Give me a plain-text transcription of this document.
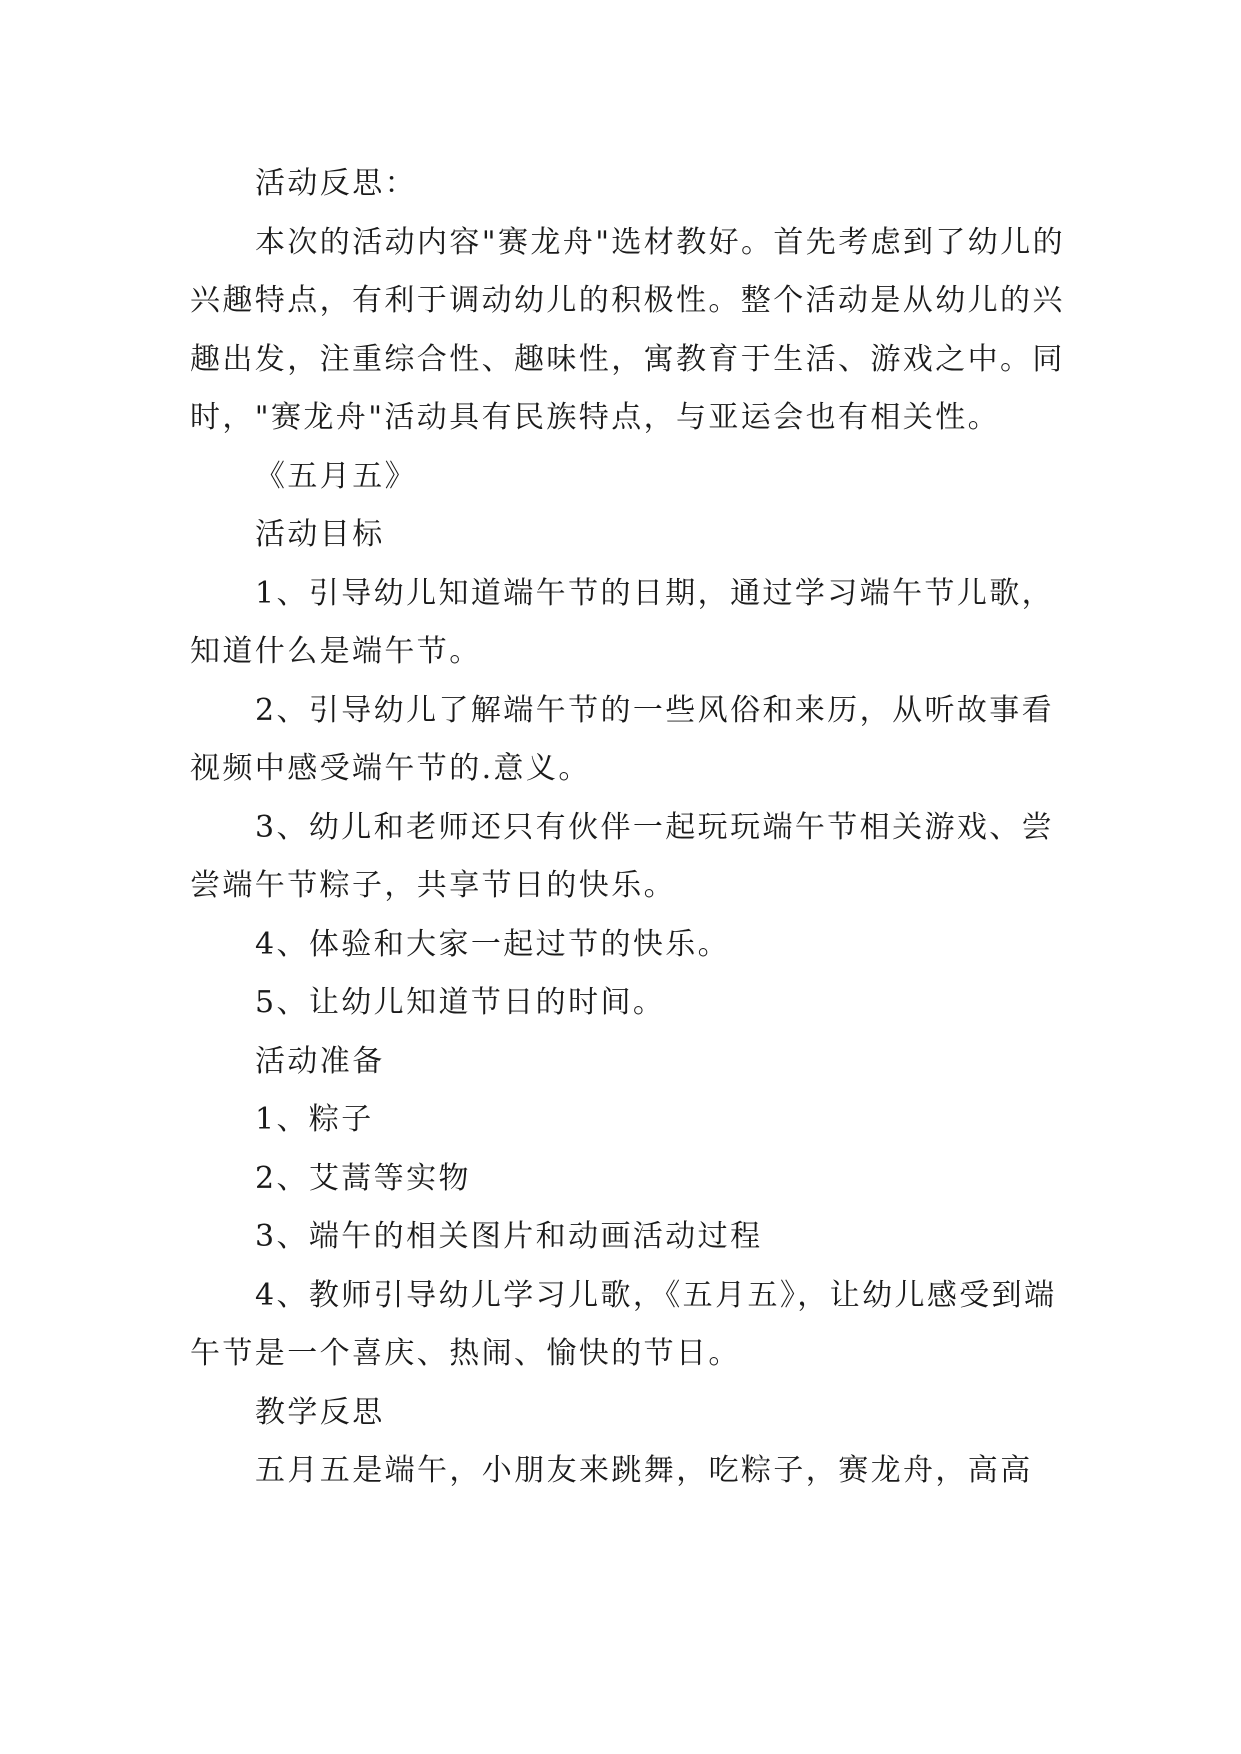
活动反思：

本次的活动内容"赛龙舟"选材教好。首先考虑到了幼儿的兴趣特点，有利于调动幼儿的积极性。整个活动是从幼儿的兴趣出发，注重综合性、趣味性，寓教育于生活、游戏之中。同时，"赛龙舟"活动具有民族特点，与亚运会也有相关性。

《五月五》

活动目标

1、引导幼儿知道端午节的日期，通过学习端午节儿歌，知道什么是端午节。

2、引导幼儿了解端午节的一些风俗和来历，从听故事看视频中感受端午节的.意义。

3、幼儿和老师还只有伙伴一起玩玩端午节相关游戏、尝尝端午节粽子，共享节日的快乐。

4、体验和大家一起过节的快乐。

5、让幼儿知道节日的时间。

活动准备

1、粽子

2、艾蒿等实物

3、端午的相关图片和动画活动过程

4、教师引导幼儿学习儿歌，《五月五》，让幼儿感受到端午节是一个喜庆、热闹、愉快的节日。

教学反思

五月五是端午，小朋友来跳舞，吃粽子，赛龙舟，高高
